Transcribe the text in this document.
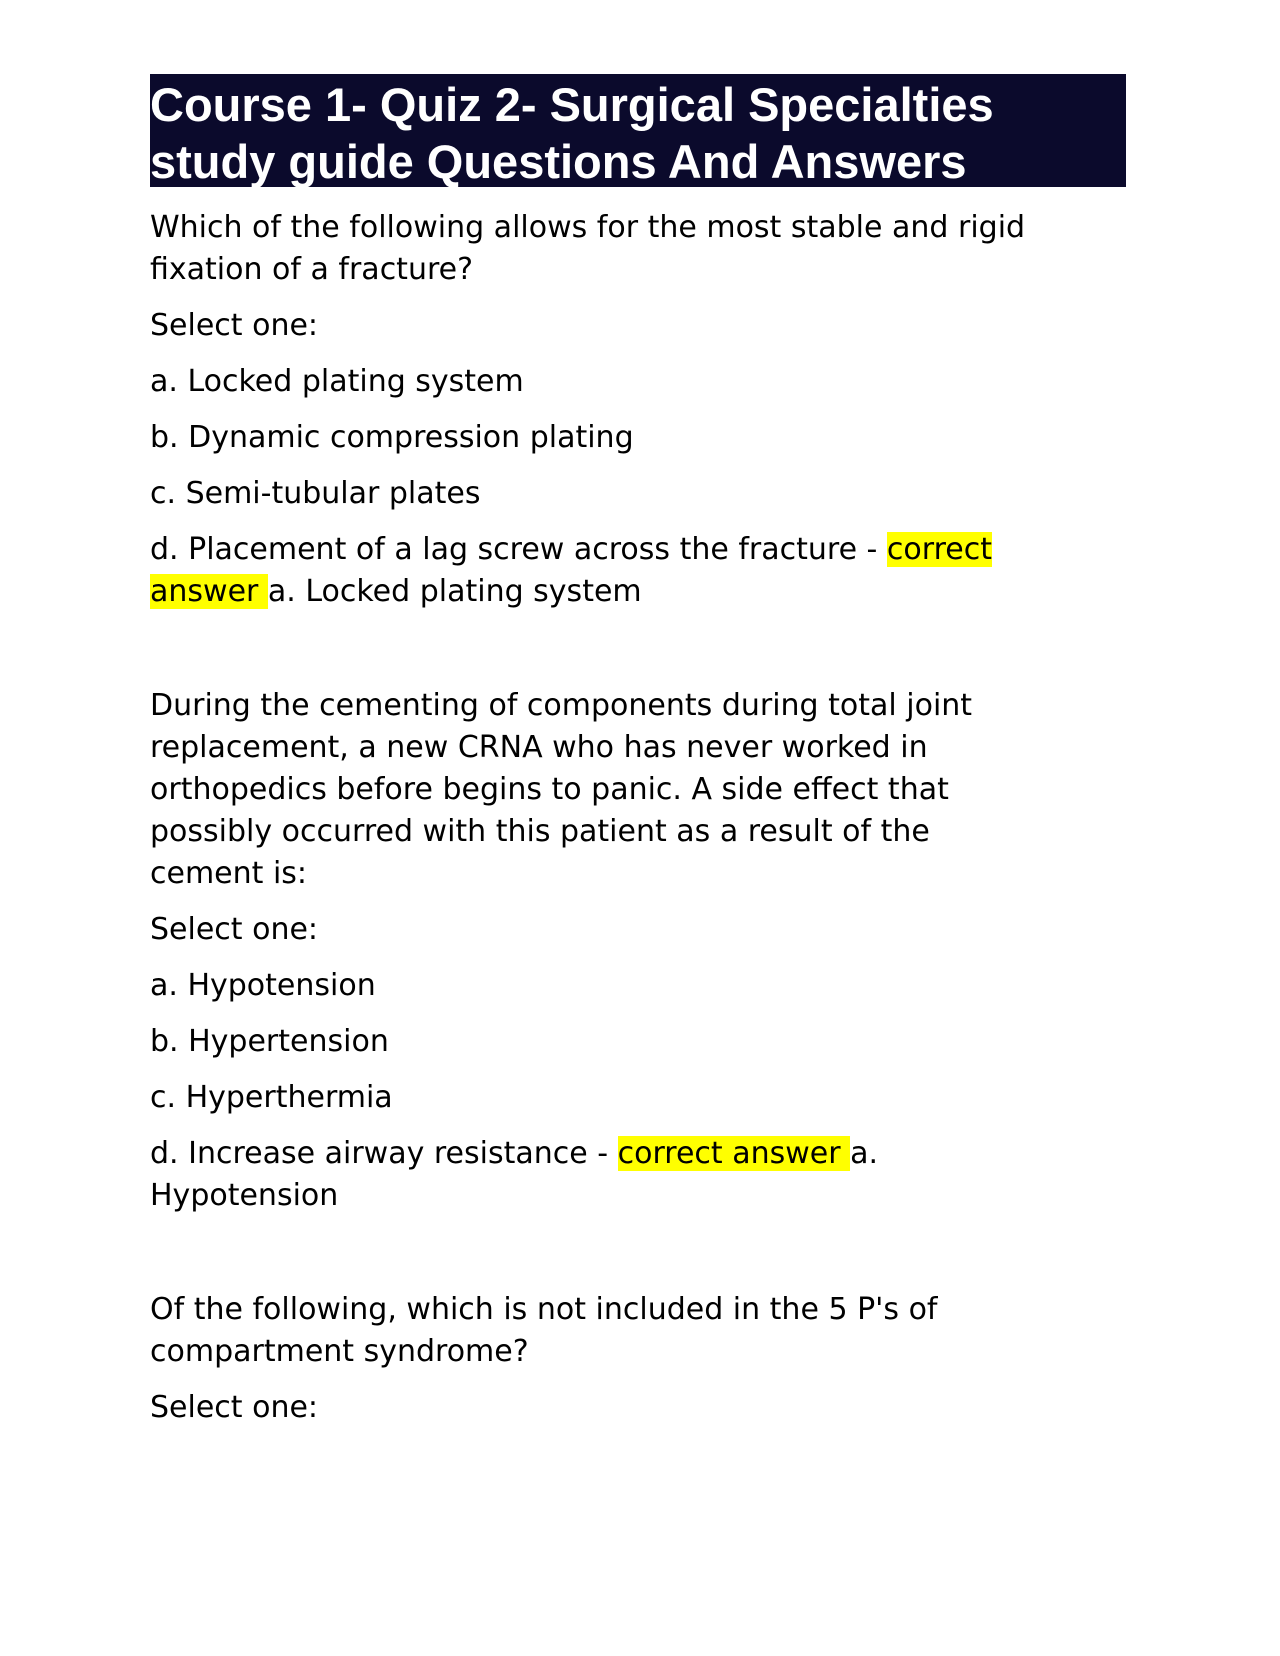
Course 1- Quiz 2- Surgical Specialties
study guide Questions And Answers

Which of the following allows for the most stable and rigid
fixation of a fracture?

Select one:

a. Locked plating system

b. Dynamic compression plating

c. Semi-tubular plates

d. Placement of a lag screw across the fracture - correct
answer a. Locked plating system

During the cementing of components during total joint
replacement, a new CRNA who has never worked in
orthopedics before begins to panic. A side effect that
possibly occurred with this patient as a result of the
cement is:

Select one:

a. Hypotension

b. Hypertension

c. Hyperthermia

d. Increase airway resistance - correct answer a.
Hypotension

Of the following, which is not included in the 5 P's of
compartment syndrome?

Select one:
